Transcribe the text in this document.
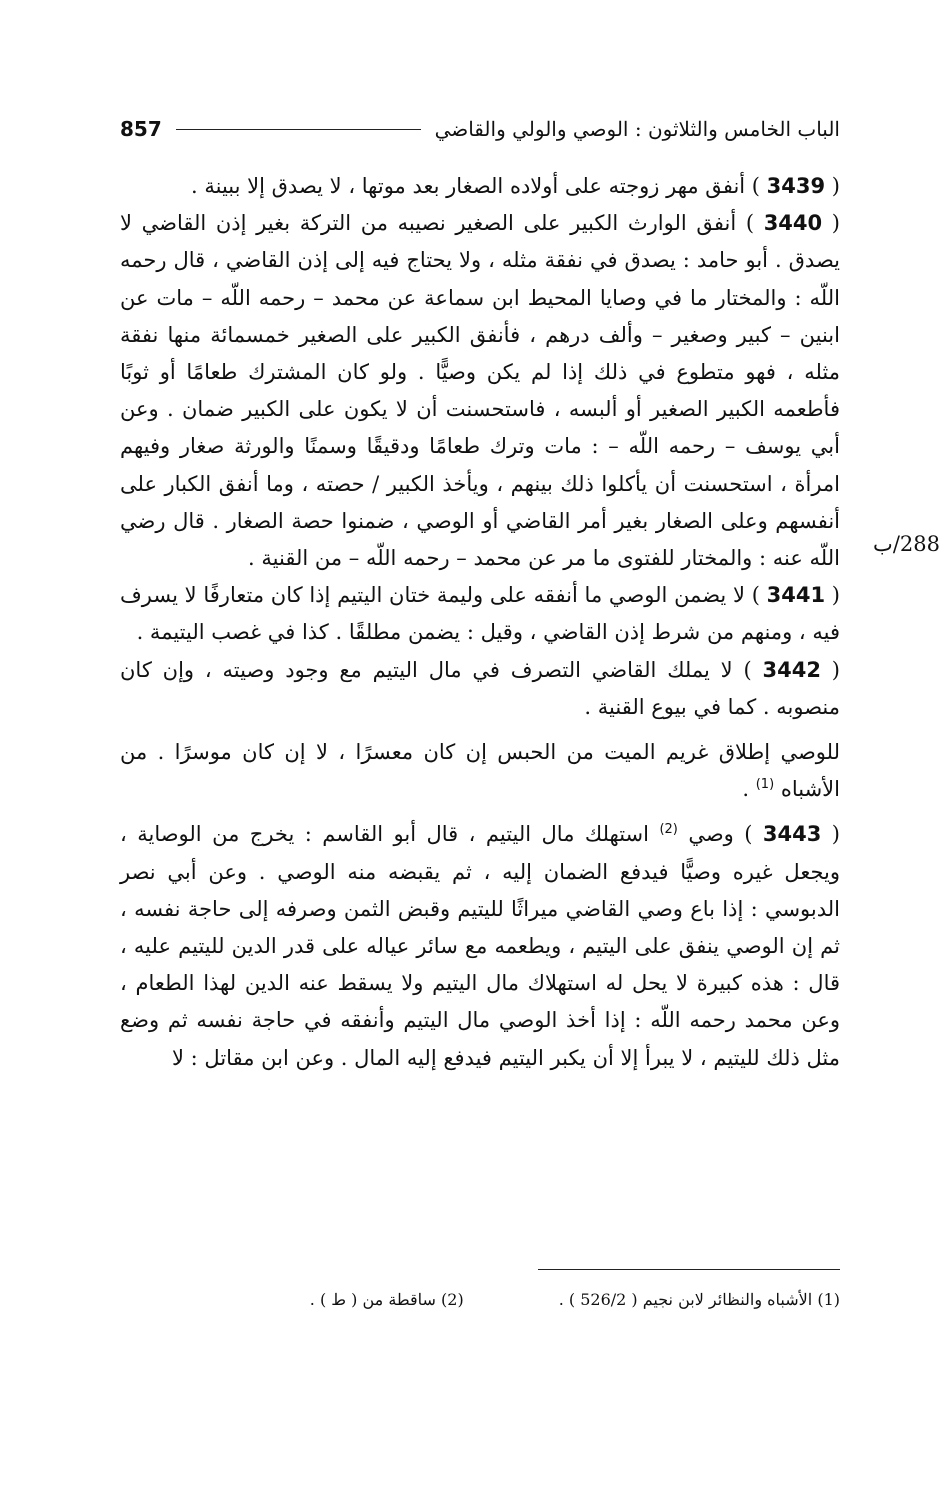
الباب الخامس والثلاثون : الوصي والولي والقاضي
857
288/ب

( 3439 ) أنفق مهر زوجته على أولاده الصغار بعد موتها ، لا يصدق إلا ببينة .

( 3440 ) أنفق الوارث الكبير على الصغير نصيبه من التركة بغير إذن القاضي لا يصدق . أبو حامد : يصدق في نفقة مثله ، ولا يحتاج فيه إلى إذن القاضي ، قال رحمه اللّه : والمختار ما في وصايا المحيط ابن سماعة عن محمد – رحمه اللّه – مات عن ابنين – كبير وصغير – وألف درهم ، فأنفق الكبير على الصغير خمسمائة منها نفقة مثله ، فهو متطوع في ذلك إذا لم يكن وصيًّا . ولو كان المشترك طعامًا أو ثوبًا فأطعمه الكبير الصغير أو ألبسه ، فاستحسنت أن لا يكون على الكبير ضمان . وعن أبي يوسف – رحمه اللّه – : مات وترك طعامًا ودقيقًا وسمنًا والورثة صغار وفيهم امرأة ، استحسنت أن يأكلوا ذلك بينهم ، ويأخذ الكبير / حصته ، وما أنفق الكبار على أنفسهم وعلى الصغار بغير أمر القاضي أو الوصي ، ضمنوا حصة الصغار . قال رضي اللّه عنه : والمختار للفتوى ما مر عن محمد – رحمه اللّه – من القنية .

( 3441 ) لا يضمن الوصي ما أنفقه على وليمة ختان اليتيم إذا كان متعارفًا لا يسرف فيه ، ومنهم من شرط إذن القاضي ، وقيل : يضمن مطلقًا . كذا في غصب اليتيمة .

( 3442 ) لا يملك القاضي التصرف في مال اليتيم مع وجود وصيته ، وإن كان منصوبه . كما في بيوع القنية .

للوصي إطلاق غريم الميت من الحبس إن كان معسرًا ، لا إن كان موسرًا . من الأشباه $^{(1)}$ .

( 3443 ) وصي $^{(2)}$ استهلك مال اليتيم ، قال أبو القاسم : يخرج من الوصاية ، ويجعل غيره وصيًّا فيدفع الضمان إليه ، ثم يقبضه منه الوصي . وعن أبي نصر الدبوسي : إذا باع وصي القاضي ميراثًا لليتيم وقبض الثمن وصرفه إلى حاجة نفسه ، ثم إن الوصي ينفق على اليتيم ، ويطعمه مع سائر عياله على قدر الدين لليتيم عليه ، قال : هذه كبيرة لا يحل له استهلاك مال اليتيم ولا يسقط عنه الدين لهذا الطعام ، وعن محمد رحمه اللّه : إذا أخذ الوصي مال اليتيم وأنفقه في حاجة نفسه ثم وضع مثل ذلك لليتيم ، لا يبرأ إلا أن يكبر اليتيم فيدفع إليه المال . وعن ابن مقاتل : لا

(1) الأشباه والنظائر لابن نجيم ( 526/2 ) .
(2) ساقطة من ( ط ) .
